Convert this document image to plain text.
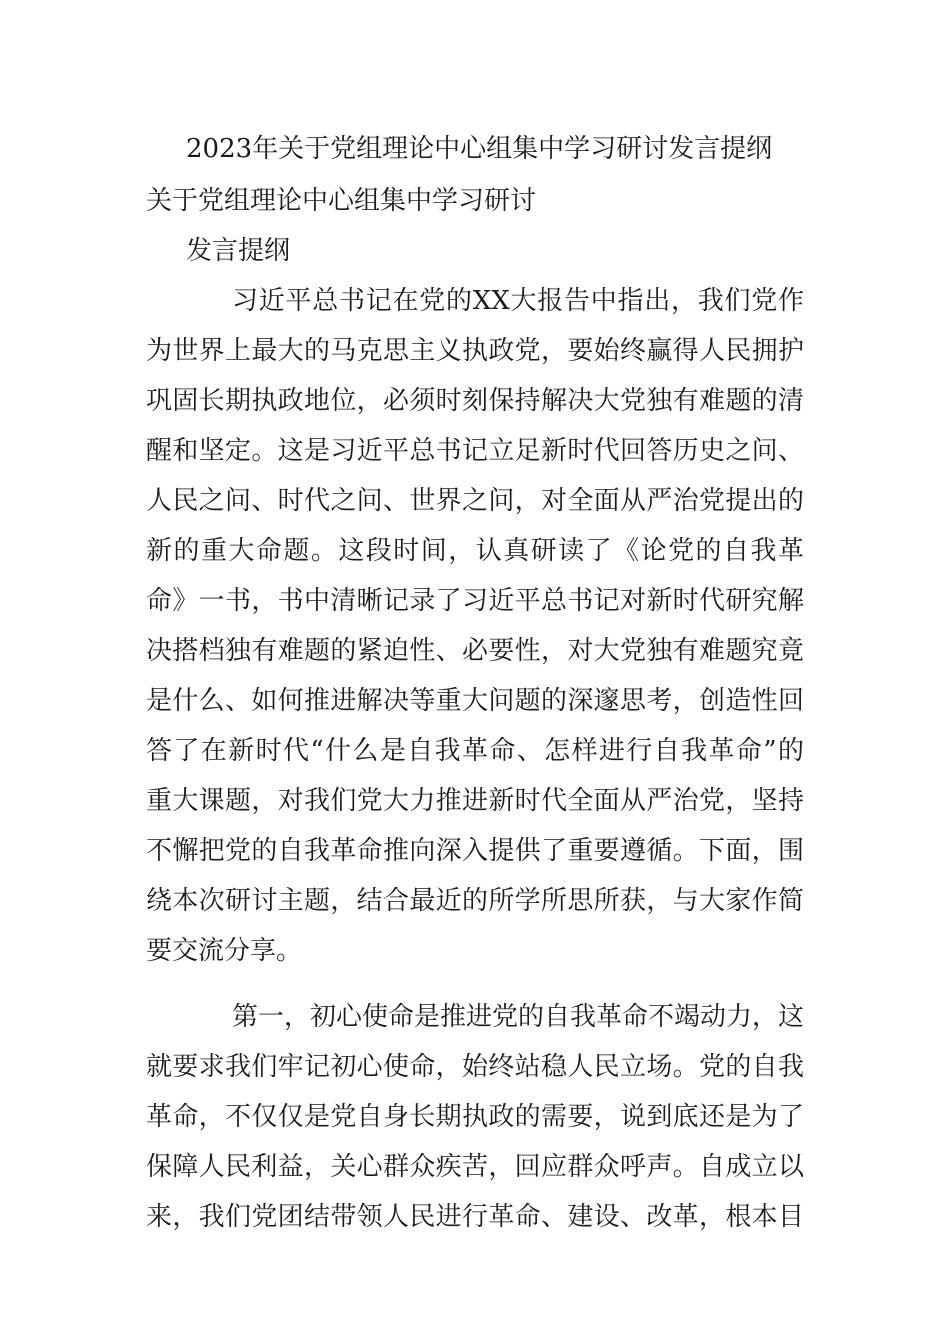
2023年关于党组理论中心组集中学习研讨发言提纲
关于党组理论中心组集中学习研讨
发言提纲
习近平总书记在党的XX大报告中指出，我们党作
为世界上最大的马克思主义执政党，要始终赢得人民拥护
巩固长期执政地位，必须时刻保持解决大党独有难题的清
醒和坚定。这是习近平总书记立足新时代回答历史之问、
人民之问、时代之问、世界之问，对全面从严治党提出的
新的重大命题。这段时间，认真研读了《论党的自我革
命》一书，书中清晰记录了习近平总书记对新时代研究解
决搭档独有难题的紧迫性、必要性，对大党独有难题究竟
是什么、如何推进解决等重大问题的深邃思考，创造性回
答了在新时代“什么是自我革命、怎样进行自我革命”的
重大课题，对我们党大力推进新时代全面从严治党，坚持
不懈把党的自我革命推向深入提供了重要遵循。下面，围
绕本次研讨主题，结合最近的所学所思所获，与大家作简
要交流分享。
第一，初心使命是推进党的自我革命不竭动力，这
就要求我们牢记初心使命，始终站稳人民立场。党的自我
革命，不仅仅是党自身长期执政的需要，说到底还是为了
保障人民利益，关心群众疾苦，回应群众呼声。自成立以
来，我们党团结带领人民进行革命、建设、改革，根本目
